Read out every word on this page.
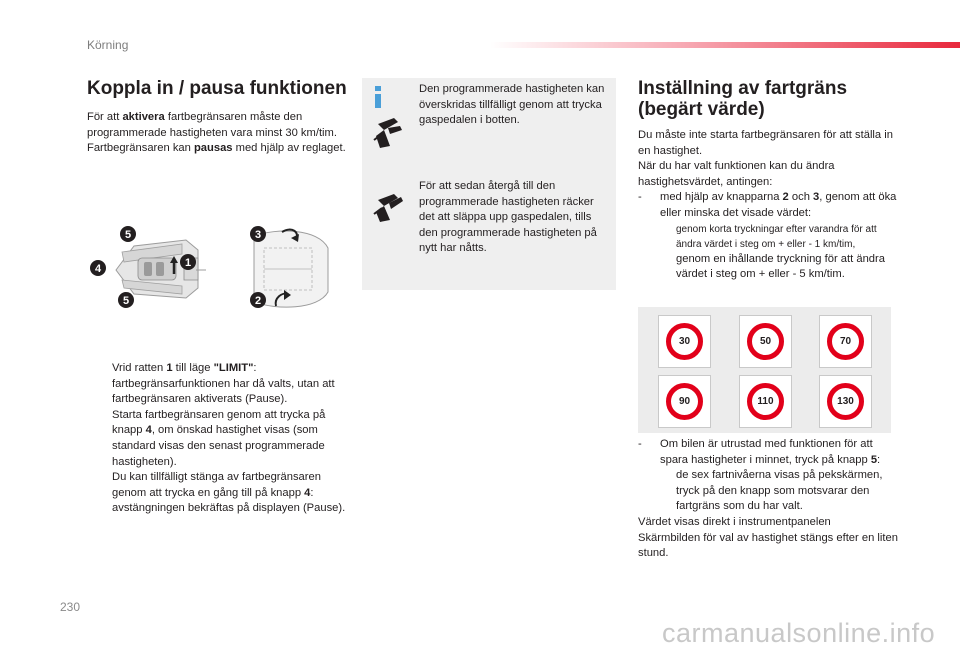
Körning
Koppla in / pausa funktionen

För att aktivera fartbegränsaren måste den programmerade hastigheten vara minst 30 km/tim.

Fartbegränsaren kan pausas med hjälp av reglaget.

5
4
5
1
3
2
Vrid ratten 1 till läge "LIMIT": fartbegränsarfunktionen har då valts, utan att fartbegränsaren aktiverats (Pause).
Starta fartbegränsaren genom att trycka på knapp 4, om önskad hastighet visas (som standard visas den senast programmerade hastigheten).
Du kan tillfälligt stänga av fartbegränsaren genom att trycka en gång till på knapp 4: avstängningen bekräftas på displayen (Pause).
i	Den programmerade hastigheten kan överskridas tillfälligt genom att trycka gaspedalen i botten.
För att sedan återgå till den programmerade hastigheten räcker det att släppa upp gaspedalen, tills den programmerade hastigheten på nytt har nåtts.
Inställning av fartgräns (begärt värde)

Du måste inte starta fartbegränsaren för att ställa in en hastighet.

När du har valt funktionen kan du ändra hastighetsvärdet, antingen:

- med hjälp av knapparna 2 och 3, genom att öka eller minska det visade värdet:
genom korta tryckningar efter varandra för att ändra värdet i steg om + eller - 1 km/tim,
genom en ihållande tryckning för att ändra värdet i steg om + eller - 5 km/tim.
30	50	70
90	110	130
- Om bilen är utrustad med funktionen för att spara hastigheter i minnet, tryck på knapp 5:
de sex fartnivåerna visas på pekskärmen,
tryck på den knapp som motsvarar den fartgräns som du har valt.

Värdet visas direkt i instrumentpanelen

Skärmbilden för val av hastighet stängs efter en liten stund.

230
carmanualsonline.info
